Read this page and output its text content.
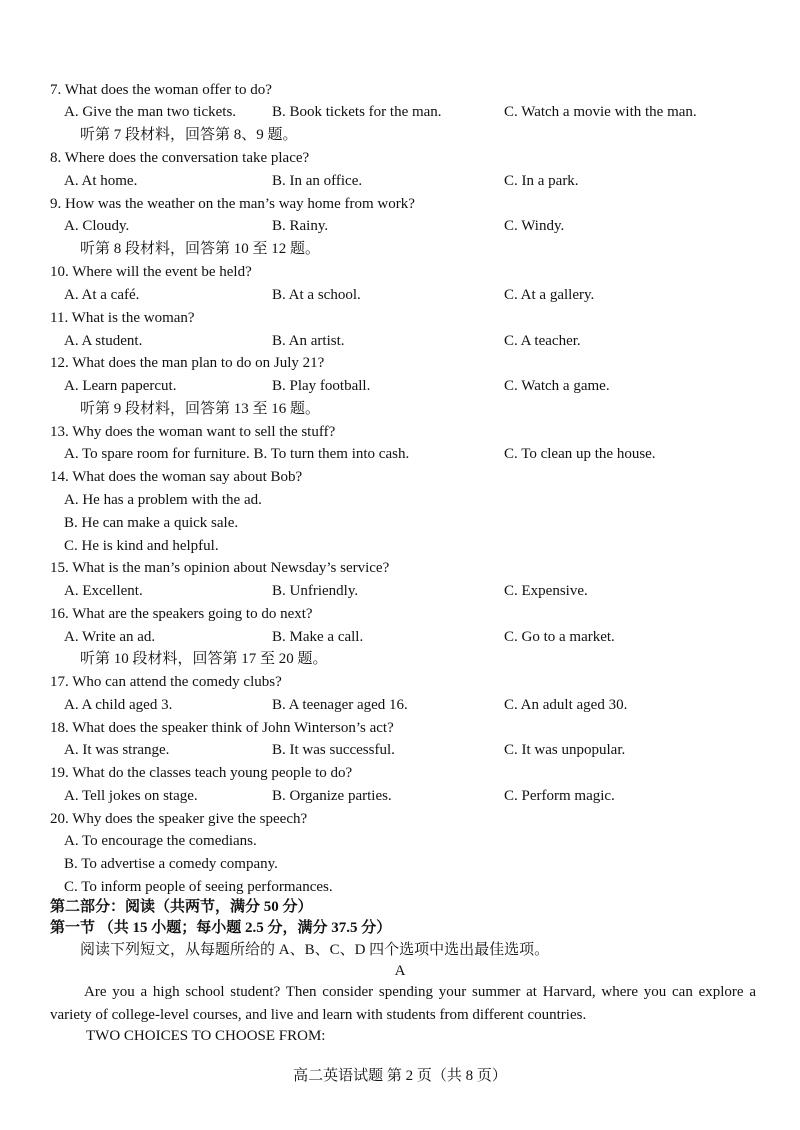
7. What does the woman offer to do?
A. Give the man two tickets. B. Book tickets for the man.	C. Watch a movie with the man.
听第 7 段材料，回答第 8、9 题。
8. Where does the conversation take place?
A. At home.	B. In an office.	C. In a park.
9. How was the weather on the man’s way home from work?
A. Cloudy.	B. Rainy.	C. Windy.
听第 8 段材料，回答第 10 至 12 题。
10. Where will the event be held?
A. At a café.	B. At a school.	C. At a gallery.
11. What is the woman?
A. A student.	B. An artist.	C. A teacher.
12. What does the man plan to do on July 21?
A. Learn papercut.	B. Play football.	C. Watch a game.
听第 9 段材料，回答第 13 至 16 题。
13. Why does the woman want to sell the stuff?
A. To spare room for furniture. B. To turn them into cash.	C. To clean up the house.
14. What does the woman say about Bob?
A. He has a problem with the ad.
B. He can make a quick sale.
C. He is kind and helpful.
15. What is the man’s opinion about Newsday’s service?
A. Excellent.	B. Unfriendly.	C. Expensive.
16. What are the speakers going to do next?
A. Write an ad.	B. Make a call.	C. Go to a market.
听第 10 段材料，回答第 17 至 20 题。
17. Who can attend the comedy clubs?
A. A child aged 3.	B. A teenager aged 16.	C. An adult aged 30.
18. What does the speaker think of John Winterson’s act?
A. It was strange.	B. It was successful.	C. It was unpopular.
19. What do the classes teach young people to do?
A. Tell jokes on stage.	B. Organize parties.	C. Perform magic.
20. Why does the speaker give the speech?
A. To encourage the comedians.
B. To advertise a comedy company.
C. To inform people of seeing performances.
第二部分：阅读（共两节，满分 50 分）
第一节 （共 15 小题；每小题 2.5 分，满分 37.5 分）
阅读下列短文，从每题所给的 A、B、C、D 四个选项中选出最佳选项。
A
Are you a high school student? Then consider spending your summer at Harvard, where you can explore a variety of college-level courses, and live and learn with students from different countries.
TWO CHOICES TO CHOOSE FROM:
高二英语试题 第 2 页（共 8 页）
